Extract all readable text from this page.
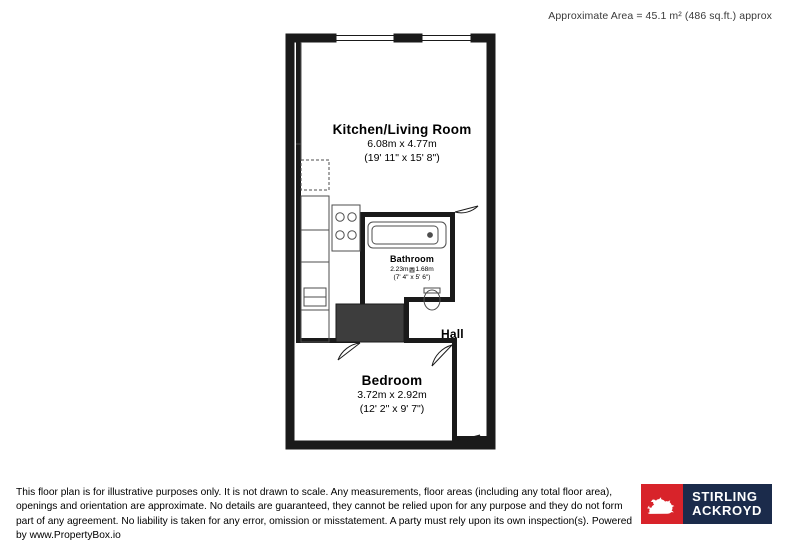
Approximate Area = 45.1 m² (486 sq.ft.) approx
Kitchen/Living Room
6.08m x 4.77m
(19' 11" x 15' 8")
Bathroom
2.23m x 1.68m
(7' 4" x 5' 6")
Bedroom
3.72m x 2.92m
(12' 2" x 9' 7")
Hall
This floor plan is for illustrative purposes only. It is not drawn to scale. Any measurements, floor areas (including any total floor area), openings and orientation are approximate. No details are guaranteed, they cannot be relied upon for any purpose and they do not form part of any agreement. No liability is taken for any error, omission or misstatement. A party must rely upon its own inspection(s). Powered by www.PropertyBox.io
STIRLING
ACKROYD
